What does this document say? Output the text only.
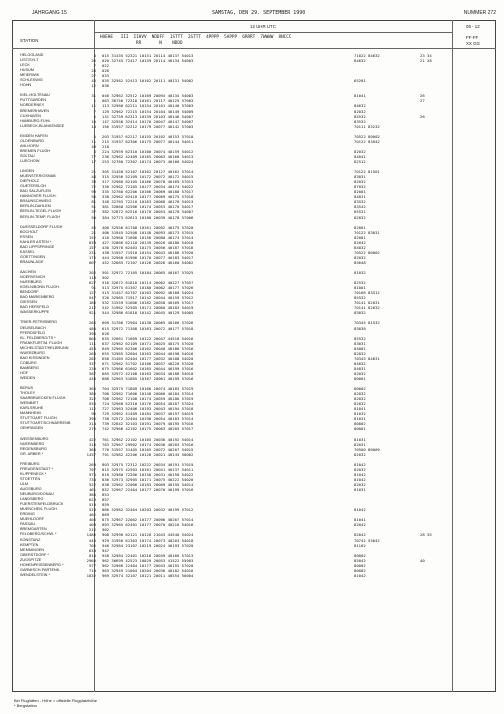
JAHRGANG 15	SAMSTAG, DEN 29. SEPTEMBER 1990	NUMMER 272
12 UHR UTC	06 - 12
STATION
HOEHE   III  IIHVV  NDDFF  1STTT  2STTT  4PPPP  5APPP  6RRRT  7WWWW  8NCCC
RR       N    NDDD
FF-FF
XX GG
HELGOLAND	4 015 31435 52321 10151 20114 40137 54013	71022 84632	23 34
LIST/SYLT	26 020 32745 72417 10159 20114 40134 54003	84632	21 28
LECK	7 022
HUSUM	28 026
MEIERWIK	27 033
SCHLESWIG	43 035 32562 52413 10162 20111 40131 54002	65201
HOHN	12 036
KIEL-HOLTENAU	31 046 32962 32512 10169 20094 40134 54003	81041	26
PUTTGARDEN	1 063 36756 72318 10161 20117 40125 57003	27
NORDERNEY	11 113 32960 62211 10154 20101 40140 57003	84632
BREMERHAVEN	7 129 32962 72215 10154 20104 40149 54009	82032
CUXHAVEN	5 131 32759 62313 10159 20103 40146 54007	85532	26
HAMBURG-FUHL	16 147 32956 32414 10170 20047 40147 54007	83532
LUEBECK-BLANKENSEE	14 156 31957 32212 10179 20077 40142 57003	70111 83232
EMDEN HAFEN	5 203 31957 62217 10155 20102 40153 57010	70522 80002
OLDENBURG	11 215 31937 62306 10175 20077 40144 54011	70122 83042
AHLHORN	49 218
BREMEN FLUGH	3 224 32959 62310 10160 20074 40159 54012	82032
SOLTAU	77 236 32962 42409 10165 20063 40160 54013	84041
LUECHOW	17 253 32760 72307 10174 20073 40166 54024	82512
LINGEN	21 305 31450 52107 10162 20127 40162 57014	70122 81501
MUENSTER/OSNAB	48 315 32956 52109 10172 20072 40172 54015	83031
DIEPHOLZ	39 317 32960 62105 10166 20078 40169 57013	82032
GUETERSLOH	72 330 32962 72105 10177 20034 40174 54022	87032
BAD SALZUFLEN	99 335 32760 62206 10166 20069 40180 57017	82001
HANNOVER FLUGH.	56 338 32962 62410 10177 20069 40175 57018	84031
BRAUNSCHWEIG	81 348 32765 72210 10163 20068 40176 54013	83532
BERLIN-DAHLEM	51 381 32868 32506 10174 20053 40170 54017	83542
BERLIN-TEGEL FLUGH	37 382 32872 62516 10170 20053 40178 54007	85531
BERLIN-TEMP. FLUGH	50 384 32773 62613 10180 20039 40178 57006	82832
DUESSELDORF FLUGH	45 400 32956 61708 10161 20092 40175 57020	82001
BOCHOLT	21 406 31945 52508 10148 20093 40173 57015	70122 83031
ESSEN	152 410 32960 71806 10156 20080 40174 57014	82001
KAHLER ASTEN *	839 427 32866 62110 20139 20020 40186 54010	82042
BAD LIPPSPRINGE	157 430 32970 62403 10175 20056 40187 57016	84032
KASSEL	231 438 31957 71910 10154 20043 40186 57020	70522 80002
GOETTINGEN	175 444 32968 61906 10170 20077 40183 54017	82032
BRAUNLAGE	607 452 32685 72107 10126 20026 40160 54002	85648
AACHEN	202 501 32972 72105 10184 20065 40167 57025	81032
NOERVENICH	118 502
NUERBURG	627 510 32672 61810 10114 20062 40127 57057	82532
KOELN/BONN FLUGH.	91 513 32975 61307 10180 20062 40177 57026	81001
BENDORF	127 515 31457 62707 10163 20092 40168 54024	70166 83512
BAD MARIENBERG	547 526 32965 71917 10142 20044 40159 57012	85532
GIESSEN	186 532 31559 51606 10162 20058 40169 57017	70141 82031
BAD HERSFELD	212 542 31962 52505 10171 20060 40183 54019	70141 82032
WASSERKUPPE	921 544 32986 61810 10142 20045 40129 54005	83032
TRIER-PETRISBERG	265 609 31766 72904 10138 20065 40166 57026	70345 81532
DEUSELBACH	480 615 32972 71308 10163 20072 40177 57018	83038
PFERDSFELD	396 626
KL. FELDBERG/TS *	805 635 32661 71609 10122 20047 44516 54016	85532
FRANKFURT/M. FLUGH	111 637 32962 62109 10171 20025 40175 57020	83031
MICHELSTADT/HELBRUNN	453 649 32965 62306 10162 20040 40186 57016	84081
WUERZBURG	268 655 32965 52004 10163 20044 40198 54016	82032
BAD KISSINGEN	282 658 31465 62404 10177 20032 40188 54020	70345 84631
COBURG	337 671 32962 51702 10166 20037 40220 57020	84032
BAMBERG	239 675 32966 61602 10165 20044 40199 57016	84031
HOF	567 685 32972 42108 10163 20034 40188 54010	82032
WEIDEN	438 688 32963 51805 10167 20061 40199 57016	80001
BERUS	363 704 32975 71809 10166 20074 40183 57019	80002
THOLEY	386 706 32962 71606 10148 20066 40184 57014	82032
SAARBRUECKEN FLUGH.	322 708 32962 72108 10174 20059 40186 57019	82032
WEINBIET	553 724 32968 52310 10176 20054 40187 57024	82032
KARLSRUHE	112 727 32963 52406 10193 20043 40194 57018	81041
MANNHEIM	96 729 32962 41409 10184 20037 40197 54019	81032
STUTTGART FLUGH.	396 738 32972 32404 10198 20054 40183 57014	81031
STUTTGART/SCHNARRENB	314 739 32842 32103 10191 20079 40195 57016	80002
OEHRINGEN	276 742 32966 42102 10175 20063 40205 57017	80001
WEISSENBURG	422 761 32962 22102 10165 20036 40192 54014	81031
NUERNBERG	318 763 32967 29902 10174 20036 40203 57016	82031
REGENSBURG	366 776 31957 31405 10165 20072 40207 54015	70500 80009
GR. ARBER *	1437 791 32982 42206 10126 20021 40145 50002	82032
FREIBURG	269 803 32975 72312 10222 20034 40191 57019	81042
FREUDENSTADT *	797 815 32975 42503 10161 20041 40137 54011	82032
KLIPPENECK *	973 818 32980 72206 10158 20031 40150 54022	81042
STOETTEN	734 836 32973 32905 10171 20075 40222 54020	81042
ULM	522 838 32962 22006 10183 20069 40195 54014	82032
AUGSBURG	461 852 32967 22404 10177 20070 40199 57016	81031
NEUBURG/DONAU	380 853
LANDSBERG	623 857
FUERSTENFELDBRUCK	519 859
MUENCHEN, FLUGH	529 866 32982 32404 10203 20032 40199 57012	81042
ERDING	462 869
MUEHLDORF	405 875 32967 22002 10177 20096 40207 57014	81041
PASSAU	409 893 32965 62401 10177 20070 40216 54016	82042
BREMGARTEN	212 902
FELDBERG/SCHW. *	1486 908 32990 62121 10120 21043 44540 54024	82042	28 35
KONSTANZ	443 929 31956 61303 10174 20073 40203 54018	70742 53042
KEMPTEN	705 946 32984 23107 10219 20024 40193 57020	81102
MEMMINGEN	634 947
OBERSTDORF *	810 948 32984 22401 10216 20049 40160 57013	80002
ZUGSPITZE	2960 962 36699 42523 10029 20053 41522 55003	85042	40
HOHENPEISSENBERG *	977 962 32966 22404 10177 20043 40155 57020	80002
GARMISCH-PARTENK.	719 963 32949 21004 10204 20036 40182 54016	80002
WENDELSTEIN *	1832 969 32974 32107 10121 20011 40554 50004	81042
Bei Flughäfen - Höhe = offizielle Flugplatzhöhe
* Bergstation
